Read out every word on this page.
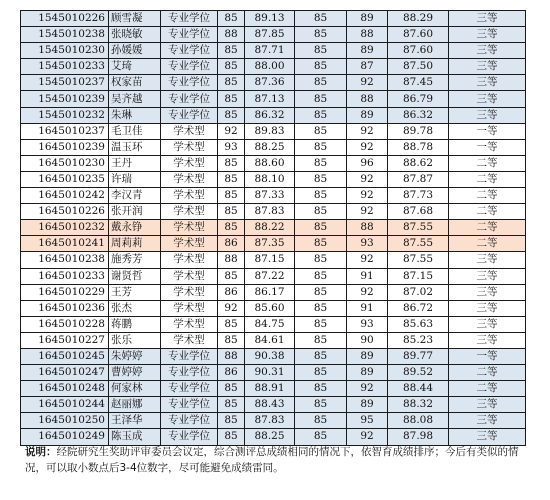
1545010226	顾雪凝	专业学位	85	89.13	85	89	88.29	三等
1545010238	张晓敏	专业学位	88	87.85	85	88	87.60	三等
1545010230	孙媛媛	专业学位	85	87.71	85	89	87.60	三等
1545010233	艾琦	专业学位	85	88.00	85	87	87.50	三等
1545010237	权家苗	专业学位	85	87.36	85	92	87.45	三等
1545010239	吴齐越	专业学位	85	87.13	85	88	86.79	三等
1545010232	朱琳	专业学位	85	86.32	85	89	86.32	三等
1645010237	毛卫佳	学术型	92	89.83	85	92	89.78	一等
1645010239	温玉环	学术型	93	88.25	85	92	88.78	一等
1645010230	王丹	学术型	85	88.60	85	96	88.62	二等
1645010235	许瑞	学术型	85	88.10	85	92	87.87	二等
1645010242	李汉青	学术型	85	87.33	85	92	87.73	二等
1645010226	张开润	学术型	85	87.83	85	92	87.68	二等
1645010232	戴永铮	学术型	85	88.22	85	88	87.55	二等
1645010241	周莉莉	学术型	86	87.35	85	93	87.55	二等
1645010238	施秀芳	学术型	88	87.15	85	92	87.55	三等
1645010233	谢贤哲	学术型	85	87.22	85	91	87.15	三等
1645010229	王芳	学术型	86	86.17	85	92	87.02	三等
1645010236	张杰	学术型	92	85.60	85	91	86.72	三等
1645010228	蒋鹏	学术型	85	84.75	85	93	85.63	三等
1645010227	张乐	学术型	85	84.61	85	90	85.23	三等
1645010245	朱婷婷	专业学位	88	90.38	85	89	89.77	一等
1645010247	曹婷婷	专业学位	86	90.31	85	89	89.52	二等
1645010248	何家林	专业学位	85	88.91	85	92	88.44	二等
1645010244	赵丽娜	专业学位	85	88.43	85	89	88.32	三等
1645010250	王泽华	专业学位	85	87.83	85	95	88.08	三等
1645010249	陈玉成	专业学位	85	88.25	85	92	87.98	三等
说明：经院研究生奖助评审委员会议定，综合测评总成绩相同的情况下，依智育成绩排序；今后有类似的情况，可以取小数点后3-4位数字，尽可能避免成绩雷同。
